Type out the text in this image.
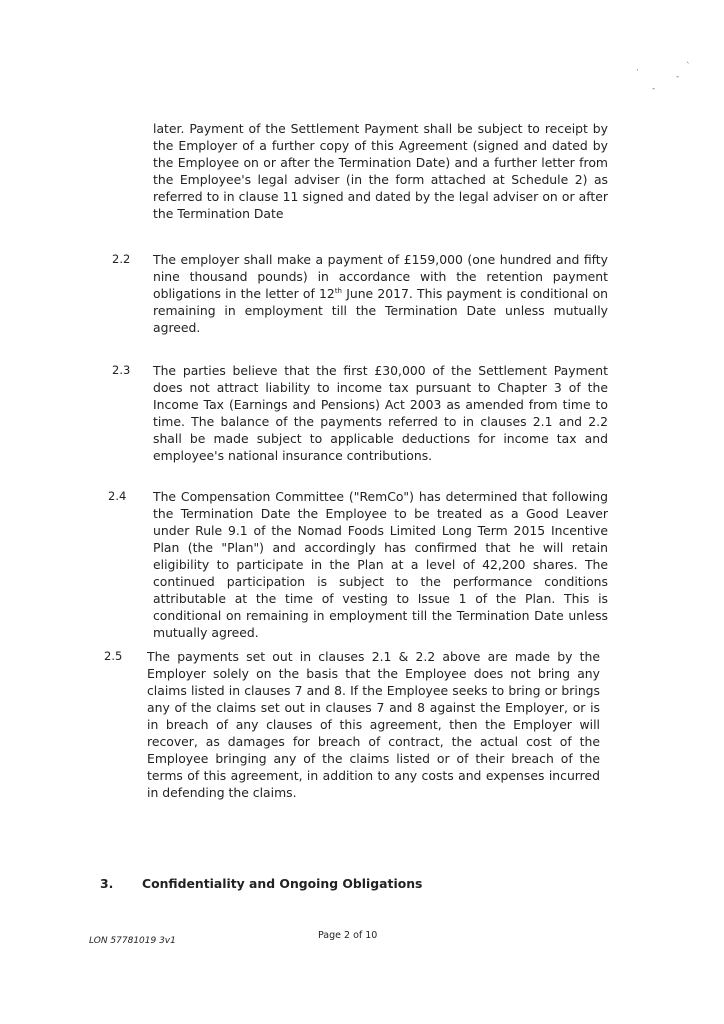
·	`
-
-

later. Payment of the Settlement Payment shall be subject to receipt by the Employer of a further copy of this Agreement (signed and dated by the Employee on or after the Termination Date) and a further letter from the Employee's legal adviser (in the form attached at Schedule 2) as referred to in clause 11 signed and dated by the legal adviser on or after the Termination Date

2.2 The employer shall make a payment of £159,000 (one hundred and fifty nine thousand pounds) in accordance with the retention payment obligations in the letter of 12th June 2017. This payment is conditional on remaining in employment till the Termination Date unless mutually agreed.

2.3 The parties believe that the first £30,000 of the Settlement Payment does not attract liability to income tax pursuant to Chapter 3 of the Income Tax (Earnings and Pensions) Act 2003 as amended from time to time. The balance of the payments referred to in clauses 2.1 and 2.2 shall be made subject to applicable deductions for income tax and employee's national insurance contributions.

2.4 The Compensation Committee ("RemCo") has determined that following the Termination Date the Employee to be treated as a Good Leaver under Rule 9.1 of the Nomad Foods Limited Long Term 2015 Incentive Plan (the "Plan") and accordingly has confirmed that he will retain eligibility to participate in the Plan at a level of 42,200 shares. The continued participation is subject to the performance conditions attributable at the time of vesting to Issue 1 of the Plan. This is conditional on remaining in employment till the Termination Date unless mutually agreed.

2.5 The payments set out in clauses 2.1 & 2.2 above are made by the Employer solely on the basis that the Employee does not bring any claims listed in clauses 7 and 8. If the Employee seeks to bring or brings any of the claims set out in clauses 7 and 8 against the Employer, or is in breach of any clauses of this agreement, then the Employer will recover, as damages for breach of contract, the actual cost of the Employee bringing any of the claims listed or of their breach of the terms of this agreement, in addition to any costs and expenses incurred in defending the claims.

3. Confidentiality and Ongoing Obligations
Page 2 of 10
LON 57781019 3v1
